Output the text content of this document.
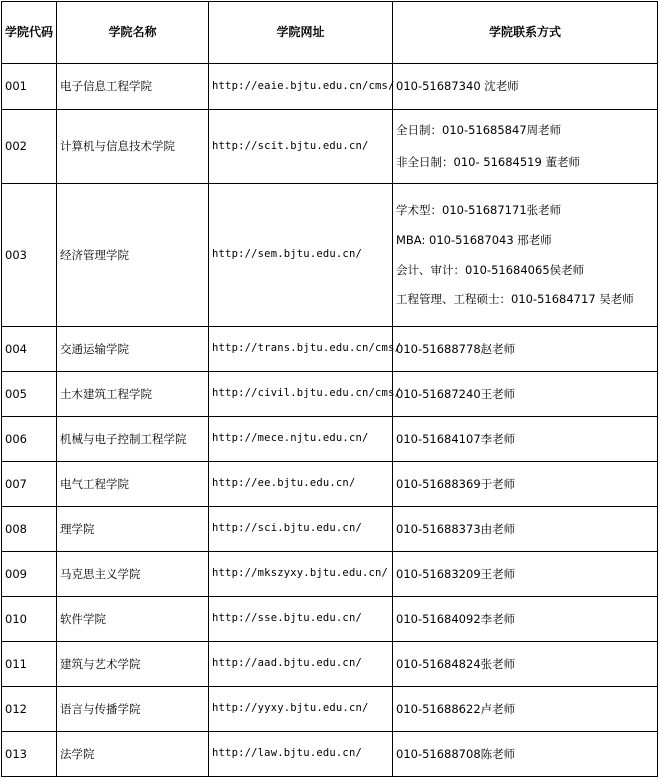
学院代码	学院名称	学院网址	学院联系方式
001	电子信息工程学院	http://eaie.bjtu.edu.cn/cms/	010-51687340 沈老师

002	计算机与信息技术学院	http://scit.bjtu.edu.cn/	全日制：010-51685847周老师
非全日制：010- 51684519 董老师

003	经济管理学院	http://sem.bjtu.edu.cn/	学术型：010-51687171张老师
MBA: 010-51687043 邢老师
会计、审计：010-51684065侯老师
工程管理、工程硕士：010-51684717 吴老师

004	交通运输学院	http://trans.bjtu.edu.cn/cms/	010-51688778赵老师

005	土木建筑工程学院	http://civil.bjtu.edu.cn/cms/	010-51687240王老师

006	机械与电子控制工程学院	http://mece.njtu.edu.cn/	010-51684107李老师

007	电气工程学院	http://ee.bjtu.edu.cn/	010-51688369于老师

008	理学院	http://sci.bjtu.edu.cn/	010-51688373由老师

009	马克思主义学院	http://mkszyxy.bjtu.edu.cn/	010-51683209王老师

010	软件学院	http://sse.bjtu.edu.cn/	010-51684092李老师

011	建筑与艺术学院	http://aad.bjtu.edu.cn/	010-51684824张老师

012	语言与传播学院	http://yyxy.bjtu.edu.cn/	010-51688622卢老师

013	法学院	http://law.bjtu.edu.cn/	010-51688708陈老师
